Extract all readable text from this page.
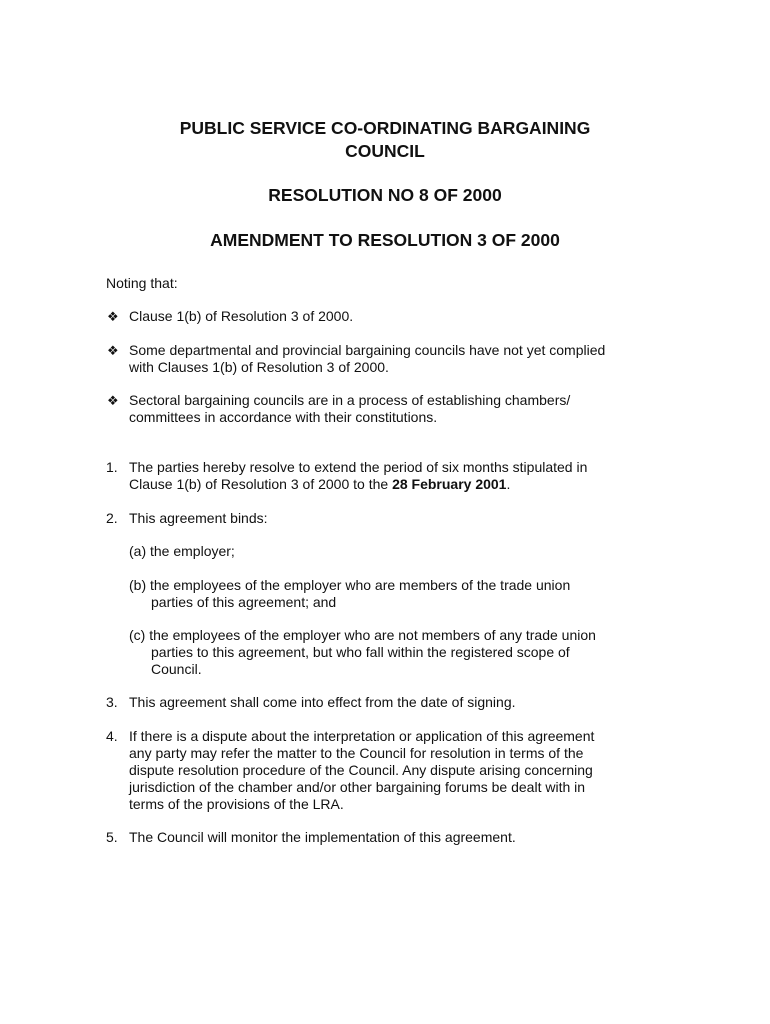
PUBLIC SERVICE CO-ORDINATING BARGAINING
COUNCIL
RESOLUTION NO 8 OF 2000
AMENDMENT TO RESOLUTION 3 OF 2000

Noting that:

❖ Clause 1(b) of Resolution 3 of 2000.

❖ Some departmental and provincial bargaining councils have not yet complied

with Clauses 1(b) of Resolution 3 of 2000.

❖ Sectoral bargaining councils are in a process of establishing chambers/

committees in accordance with their constitutions.

1. The parties hereby resolve to extend the period of six months stipulated in

Clause 1(b) of Resolution 3 of 2000 to the 28 February 2001.

2. This agreement binds:

(a) the employer;

(b) the employees of the employer who are members of the trade union

parties of this agreement; and

(c) the employees of the employer who are not members of any trade union

parties to this agreement, but who fall within the registered scope of

Council.

3. This agreement shall come into effect from the date of signing.

4. If there is a dispute about the interpretation or application of this agreement

any party may refer the matter to the Council for resolution in terms of the

dispute resolution procedure of the Council. Any dispute arising concerning

jurisdiction of the chamber and/or other bargaining forums be dealt with in

terms of the provisions of the LRA.

5. The Council will monitor the implementation of this agreement.
